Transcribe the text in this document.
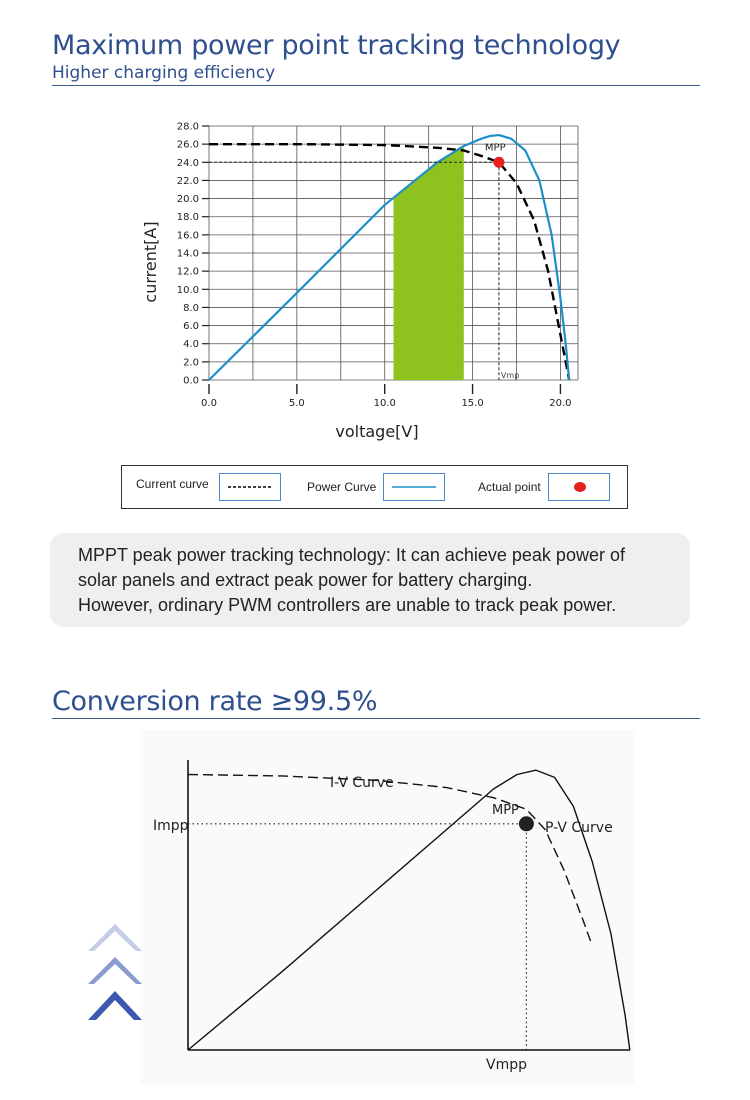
Maximum power point tracking technology
Higher charging efficiency
0.0
2.0
4.0
6.0
8.0
10.0
12.0
14.0
16.0
18.0
20.0
22.0
24.0
26.0
28.0
0.0	5.0	10.0	15.0	20.0
MPP
Vmp
voltage[V]
current[A]
Current curve	Power Curve	Actual point
MPPT peak power tracking technology: It can achieve peak power of
solar panels and extract peak power for battery charging.
However, ordinary PWM controllers are unable to track peak power.
Conversion rate ≥99.5%
I-V Curve
P-V Curve
MPP
Impp
Vmpp
